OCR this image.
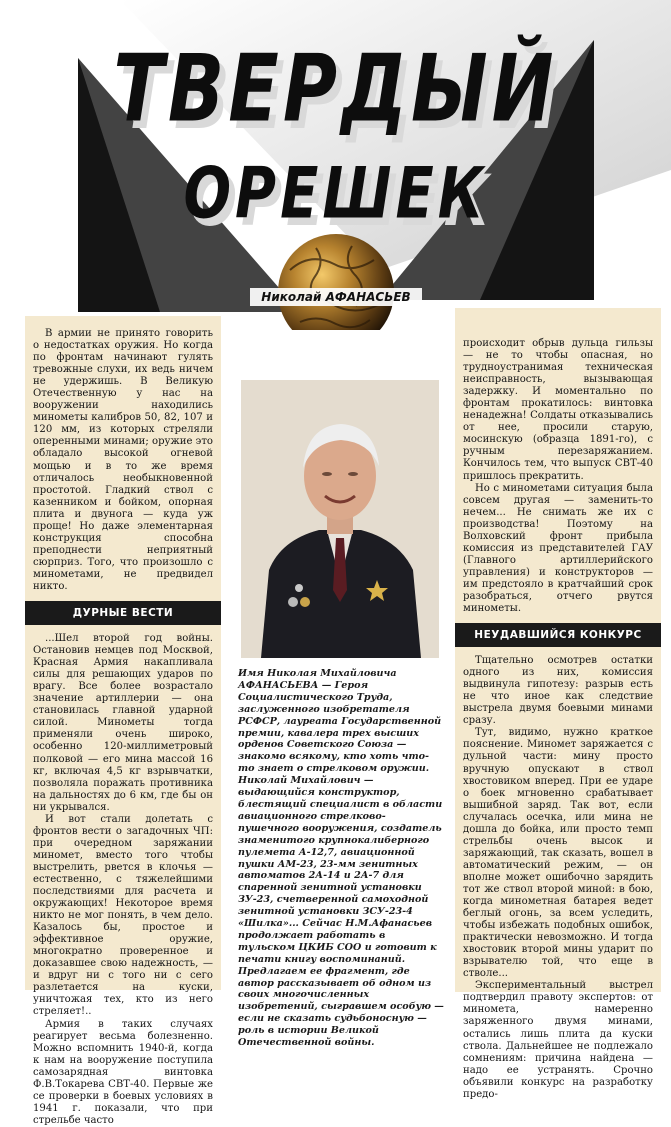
ТВЕРДЫЙ
ОРЕШЕК
Николай АФАНАСЬЕВ

В армии не принято говорить о недостатках оружия. Но когда по фронтам начинают гулять тревожные слухи, их ведь ничем не удержишь. В Великую Отечественную у нас на вооружении находились минометы калибров 50, 82, 107 и 120 мм, из которых стреляли оперенными минами; оружие это обладало высокой огневой мощью и в то же время отличалось необыкновенной простотой. Гладкий ствол с казенником и бойком, опорная плита и двунога — куда уж проще! Но даже элементарная конструкция способна преподнести неприятный сюрприз. Того, что произошло с минометами, не предвидел никто.

ДУРНЫЕ ВЕСТИ

...Шел второй год войны. Остановив немцев под Москвой, Красная Армия накапливала силы для решающих ударов по врагу. Все более возрастало значение артиллерии — она становилась главной ударной силой. Минометы тогда применяли очень широко, особенно 120-миллиметровый полковой — его мина массой 16 кг, включая 4,5 кг взрывчатки, позволяла поражать противника на дальностях до 6 км, где бы он ни укрывался.

И вот стали долетать с фронтов вести о загадочных ЧП: при очередном заряжании миномет, вместо того чтобы выстрелить, рвется в клочья — естественно, с тяжелейшими последствиями для расчета и окружающих! Некоторое время никто не мог понять, в чем дело. Казалось бы, простое и эффективное оружие, многократно проверенное и доказавшее свою надежность, — и вдруг ни с того ни с сего разлетается на куски, уничтожая тех, кто из него стреляет!..

Армия в таких случаях реагирует весьма болезненно. Можно вспомнить 1940-й, когда к нам на вооружение поступила самозарядная винтовка Ф.В.Токарева СВТ-40. Первые же се проверки в боевых условиях в 1941 г. показали, что при стрельбе часто

Имя Николая Михайловича АФАНАСЬЕВА — Героя Социалистического Труда, заслуженного изобретателя РСФСР, лауреата Государственной премии, кавалера трех высших орденов Советского Союза — знакомо всякому, кто хоть что-то знает о стрелковом оружии. Николай Михайлович — выдающийся конструктор, блестящий специалист в области авиационного стрелково-пушечного вооружения, создатель знаменитого крупнокалиберного пулемета А-12,7, авиационной пушки АМ-23, 23-мм зенитных автоматов 2А-14 и 2А-7 для спаренной зенитной установки ЗУ-23, счетверенной самоходной зенитной установки ЗСУ-23-4 «Шилка»... Сейчас Н.М.Афанасьев продолжает работать в тульском ЦКИБ СОО и готовит к печати книгу воспоминаний. Предлагаем ее фрагмент, где автор рассказывает об одном из своих многочисленных изобретений, сыгравшем особую — если не сказать судьбоносную — роль в истории Великой Отечественной войны.

происходит обрыв дульца гильзы — не то чтобы опасная, но трудноустранимая техническая неисправность, вызывающая задержку. И моментально по фронтам прокатилось: винтовка ненадежна! Солдаты отказывались от нее, просили старую, мосинскую (образца 1891-го), с ручным перезаряжанием. Кончилось тем, что выпуск СВТ-40 пришлось прекратить.

Но с минометами ситуация была совсем другая — заменить-то нечем... Не снимать же их с производства! Поэтому на Волховский фронт прибыла комиссия из представителей ГАУ (Главного артиллерийского управления) и конструкторов — им предстояло в кратчайший срок разобраться, отчего рвутся минометы.

НЕУДАВШИЙСЯ КОНКУРС

Тщательно осмотрев остатки одного из них, комиссия выдвинула гипотезу: разрыв есть не что иное как следствие выстрела двумя боевыми минами сразу.

Тут, видимо, нужно краткое пояснение. Миномет заряжается с дульной части: мину просто вручную опускают в ствол хвостовиком вперед. При ее ударе о боек мгновенно срабатывает вышибной заряд. Так вот, если случалась осечка, или мина не дошла до бойка, или просто темп стрельбы очень высок и заряжающий, так сказать, вошел в автоматический режим, — он вполне может ошибочно зарядить тот же ствол второй миной: в бою, когда минометная батарея ведет беглый огонь, за всем уследить, чтобы избежать подобных ошибок, практически невозможно. И тогда хвостовик второй мины ударит по взрывателю той, что еще в стволе...

Экспериментальный выстрел подтвердил правоту экспертов: от миномета, намеренно заряженного двумя минами, остались лишь плита да куски ствола. Дальнейшее не подлежало сомнениям: причина найдена — надо ее устранять. Срочно объявили конкурс на разработку предо-
